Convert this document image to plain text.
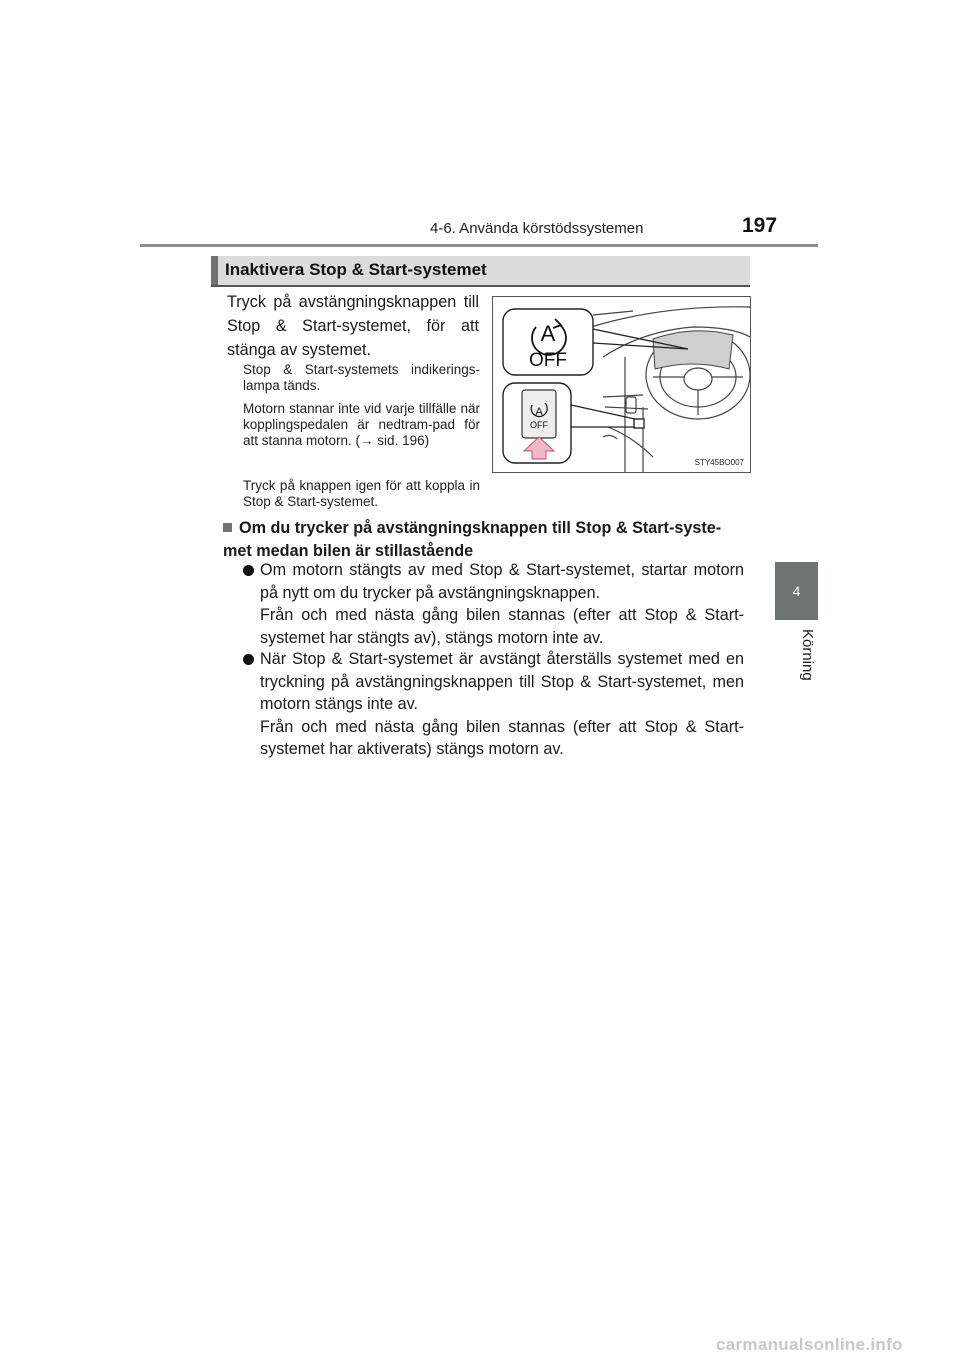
4-6. Använda körstödssystemen	197
4
Körning
Inaktivera Stop & Start-systemet
Tryck på avstängningsknappen till Stop & Start-systemet, för att stänga av systemet.
Stop & Start-systemets indikerings-lampa tänds.
Motorn stannar inte vid varje tillfälle när kopplingspedalen är nedtram-pad för att stanna motorn. (→ sid. 196)
Tryck på knappen igen för att koppla in Stop & Start-systemet.
A
OFF
A
OFF
STY45BO007
Om du trycker på avstängningsknappen till Stop & Start-syste-met medan bilen är stillastående
Om motorn stängts av med Stop & Start-systemet, startar motorn på nytt om du trycker på avstängningsknappen.
Från och med nästa gång bilen stannas (efter att Stop & Start-systemet har stängts av), stängs motorn inte av.
När Stop & Start-systemet är avstängt återställs systemet med en tryckning på avstängningsknappen till Stop & Start-systemet, men motorn stängs inte av.
Från och med nästa gång bilen stannas (efter att Stop & Start-systemet har aktiverats) stängs motorn av.
carmanualsonline.info
